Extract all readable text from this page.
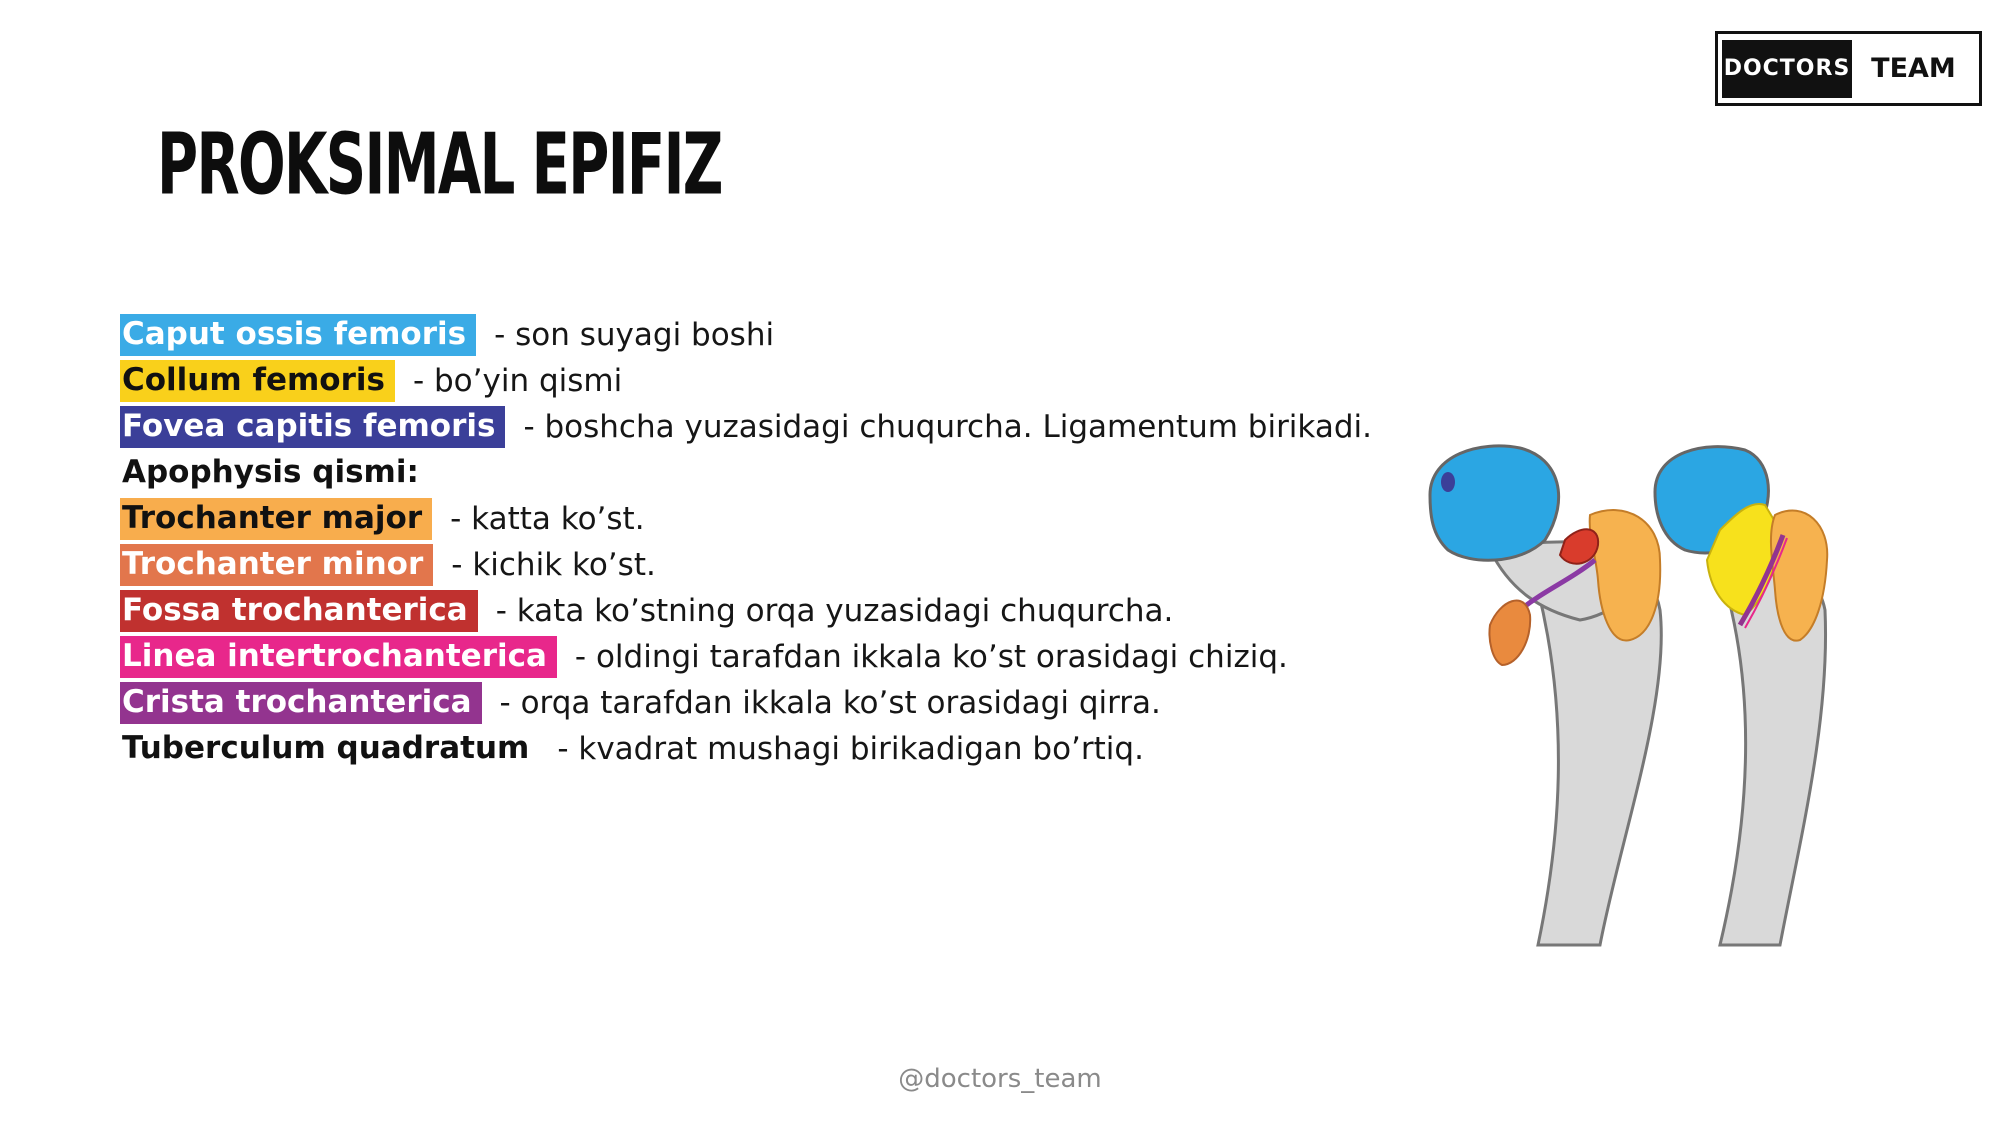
DOCTORS TEAM
PROKSIMAL EPIFIZ
Caput ossis femoris - son suyagi boshi
Collum femoris - bo’yin qismi
Fovea capitis femoris - boshcha yuzasidagi chuqurcha. Ligamentum birikadi.
Apophysis qismi:
Trochanter major - katta ko’st.
Trochanter minor - kichik ko’st.
Fossa trochanterica - kata ko’stning orqa yuzasidagi chuqurcha.
Linea intertrochanterica - oldingi tarafdan ikkala ko’st orasidagi chiziq.
Crista trochanterica - orqa tarafdan ikkala ko’st orasidagi qirra.
Tuberculum quadratum - kvadrat mushagi birikadigan bo’rtiq.
@doctors_team
